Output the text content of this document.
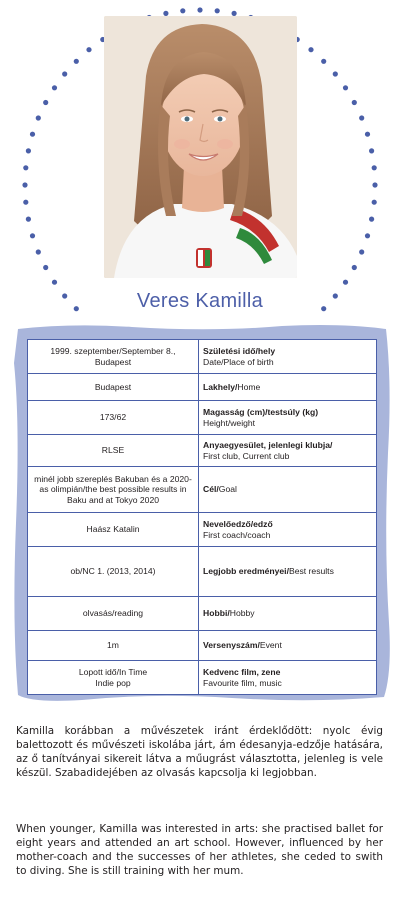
Veres Kamilla
1999. szeptember/September 8., Budapest	Születési idő/hely
Date/Place of birth
Budapest	Lakhely/Home
173/62	Magasság (cm)/testsúly (kg)
Height/weight
RLSE	Anyaegyesület, jelenlegi klubja/
First club, Current club
minél jobb szereplés Bakuban és a 2020-as olimpián/the best possible results in Baku and at Tokyo 2020	Cél/Goal
Haász Katalin	Nevelőedző/edző
First coach/coach
ob/NC 1. (2013, 2014)	Legjobb eredményei/Best results
olvasás/reading	Hobbi/Hobby
1m	Versenyszám/Event
Lopott idő/In Time
Indie pop	Kedvenc film, zene
Favourite film, music

Kamilla korábban a művészetek iránt érdeklődött: nyolc évig balettozott és művészeti iskolába járt, ám édesanyja-edzője hatására, az ő tanítványai sikereit látva a műugrást választotta, jelenleg is vele készül. Szabadidejében az olvasás kapcsolja ki legjobban.

When younger, Kamilla was interested in arts: she practised ballet for eight years and attended an art school. However, influenced by her mother-coach and the successes of her athletes, she ceded to swith to diving. She is still training with her mum.
